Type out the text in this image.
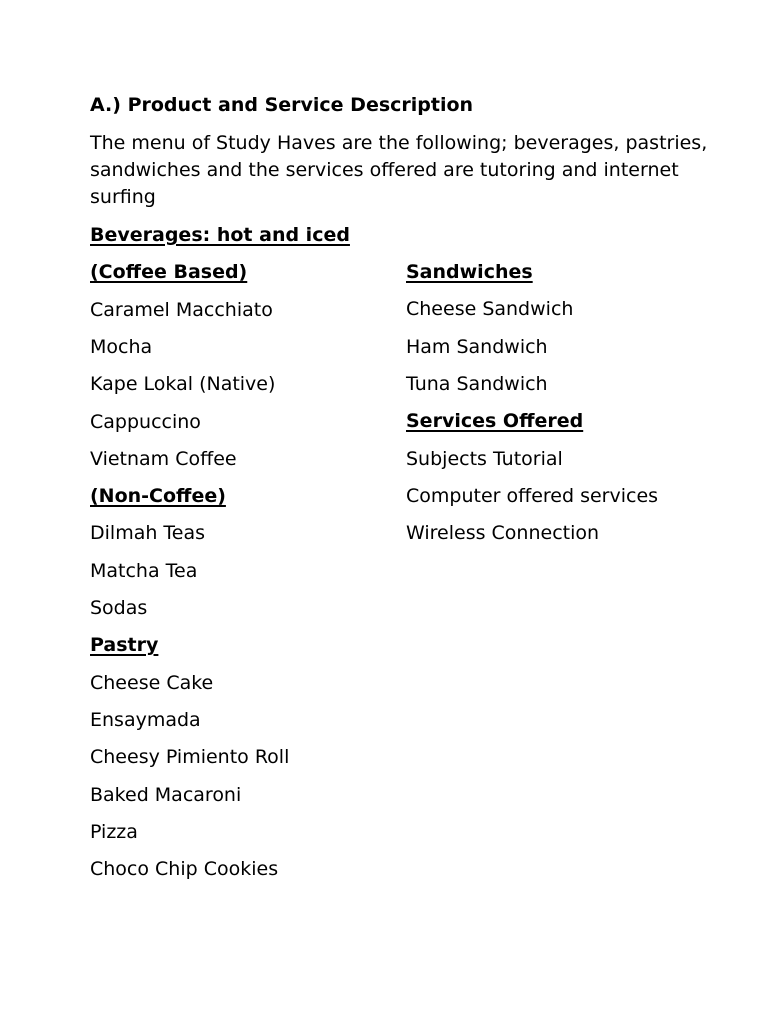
A.) Product and Service Description

The menu of Study Haves are the following; beverages, pastries,
sandwiches and the services offered are tutoring and internet
surfing

Beverages: hot and iced
(Coffee Based)
Caramel Macchiato
Mocha
Kape Lokal (Native)
Cappuccino
Vietnam Coffee
(Non-Coffee)
Dilmah Teas
Matcha Tea
Sodas
Pastry
Cheese Cake
Ensaymada
Cheesy Pimiento Roll
Baked Macaroni
Pizza
Choco Chip Cookies
Sandwiches
Cheese Sandwich
Ham Sandwich
Tuna Sandwich
Services Offered
Subjects Tutorial
Computer offered services
Wireless Connection
